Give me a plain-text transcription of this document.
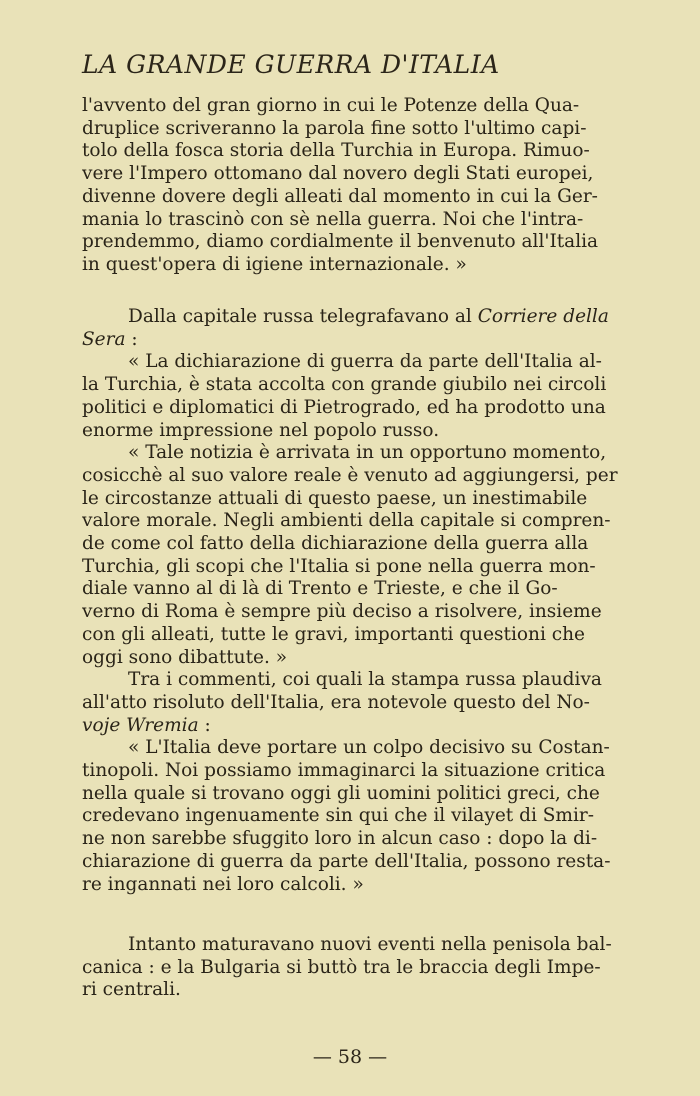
LA GRANDE GUERRA D'ITALIA

l'avvento del gran giorno in cui le Potenze della Qua-

druplice scriveranno la parola fine sotto l'ultimo capi-

tolo della fosca storia della Turchia in Europa. Rimuo-

vere l'Impero ottomano dal novero degli Stati europei,

divenne dovere degli alleati dal momento in cui la Ger-

mania lo trascinò con sè nella guerra. Noi che l'intra-

prendemmo, diamo cordialmente il benvenuto all'Italia

in quest'opera di igiene internazionale. »

Dalla capitale russa telegrafavano al Corriere della

Sera :

« La dichiarazione di guerra da parte dell'Italia al-

la Turchia, è stata accolta con grande giubilo nei circoli

politici e diplomatici di Pietrogrado, ed ha prodotto una

enorme impressione nel popolo russo.

« Tale notizia è arrivata in un opportuno momento,

cosicchè al suo valore reale è venuto ad aggiungersi, per

le circostanze attuali di questo paese, un inestimabile

valore morale. Negli ambienti della capitale si compren-

de come col fatto della dichiarazione della guerra alla

Turchia, gli scopi che l'Italia si pone nella guerra mon-

diale vanno al di là di Trento e Trieste, e che il Go-

verno di Roma è sempre più deciso a risolvere, insieme

con gli alleati, tutte le gravi, importanti questioni che

oggi sono dibattute. »

Tra i commenti, coi quali la stampa russa plaudiva

all'atto risoluto dell'Italia, era notevole questo del No-

voje Wremia :

« L'Italia deve portare un colpo decisivo su Costan-

tinopoli. Noi possiamo immaginarci la situazione critica

nella quale si trovano oggi gli uomini politici greci, che

credevano ingenuamente sin qui che il vilayet di Smir-

ne non sarebbe sfuggito loro in alcun caso : dopo la di-

chiarazione di guerra da parte dell'Italia, possono resta-

re ingannati nei loro calcoli. »

Intanto maturavano nuovi eventi nella penisola bal-

canica : e la Bulgaria si buttò tra le braccia degli Impe-

ri centrali.

— 58 —
